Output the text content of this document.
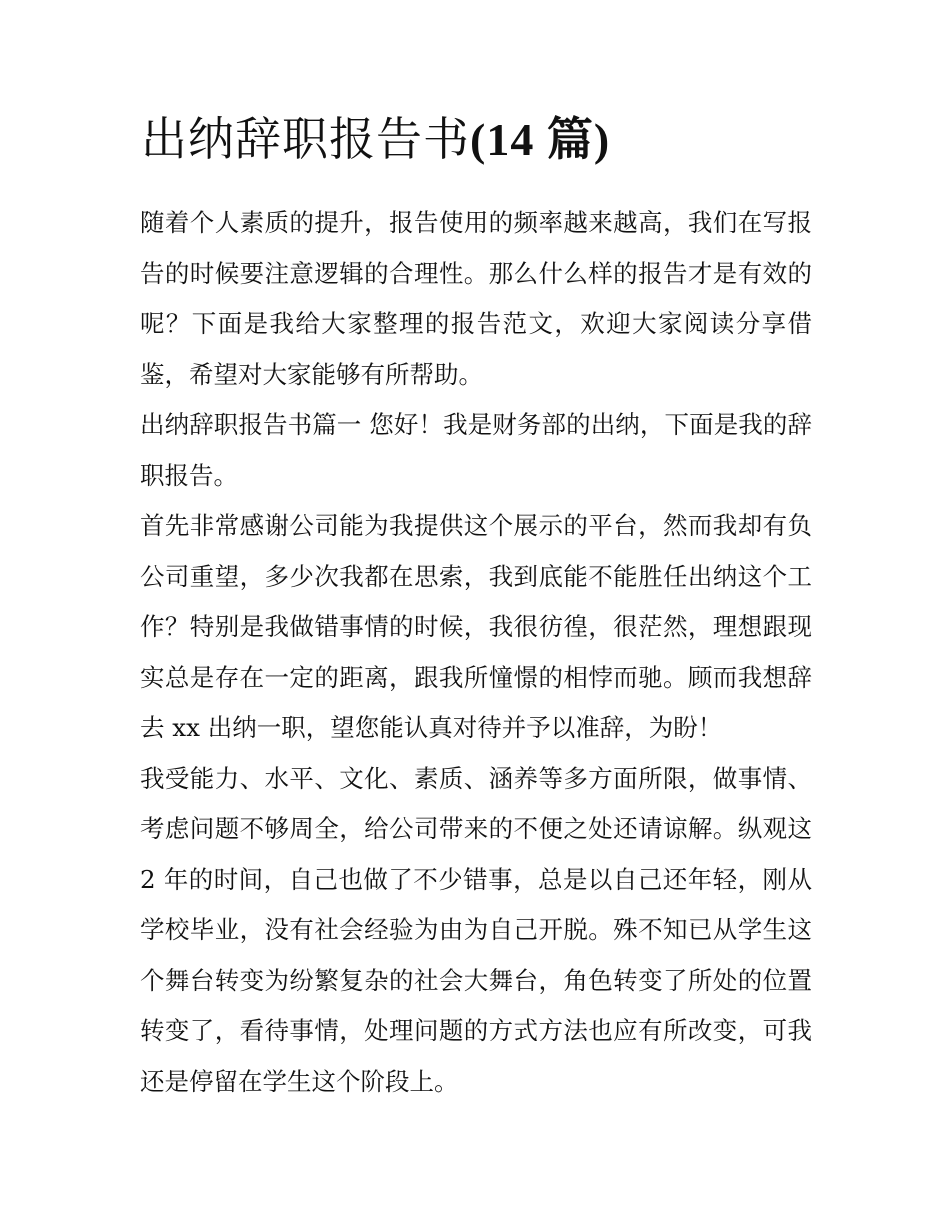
出纳辞职报告书(14 篇)

随着个人素质的提升，报告使用的频率越来越高，我们在写报告的时候要注意逻辑的合理性。那么什么样的报告才是有效的呢？下面是我给大家整理的报告范文，欢迎大家阅读分享借鉴，希望对大家能够有所帮助。

出纳辞职报告书篇一 您好！我是财务部的出纳，下面是我的辞职报告。

首先非常感谢公司能为我提供这个展示的平台，然而我却有负公司重望，多少次我都在思索，我到底能不能胜任出纳这个工作？特别是我做错事情的时候，我很彷徨，很茫然，理想跟现实总是存在一定的距离，跟我所憧憬的相悖而驰。顾而我想辞去 xx 出纳一职，望您能认真对待并予以准辞，为盼！

我受能力、水平、文化、素质、涵养等多方面所限，做事情、考虑问题不够周全，给公司带来的不便之处还请谅解。纵观这 2 年的时间，自己也做了不少错事，总是以自己还年轻，刚从学校毕业，没有社会经验为由为自己开脱。殊不知已从学生这个舞台转变为纷繁复杂的社会大舞台，角色转变了所处的位置转变了，看待事情，处理问题的方式方法也应有所改变，可我还是停留在学生这个阶段上。
